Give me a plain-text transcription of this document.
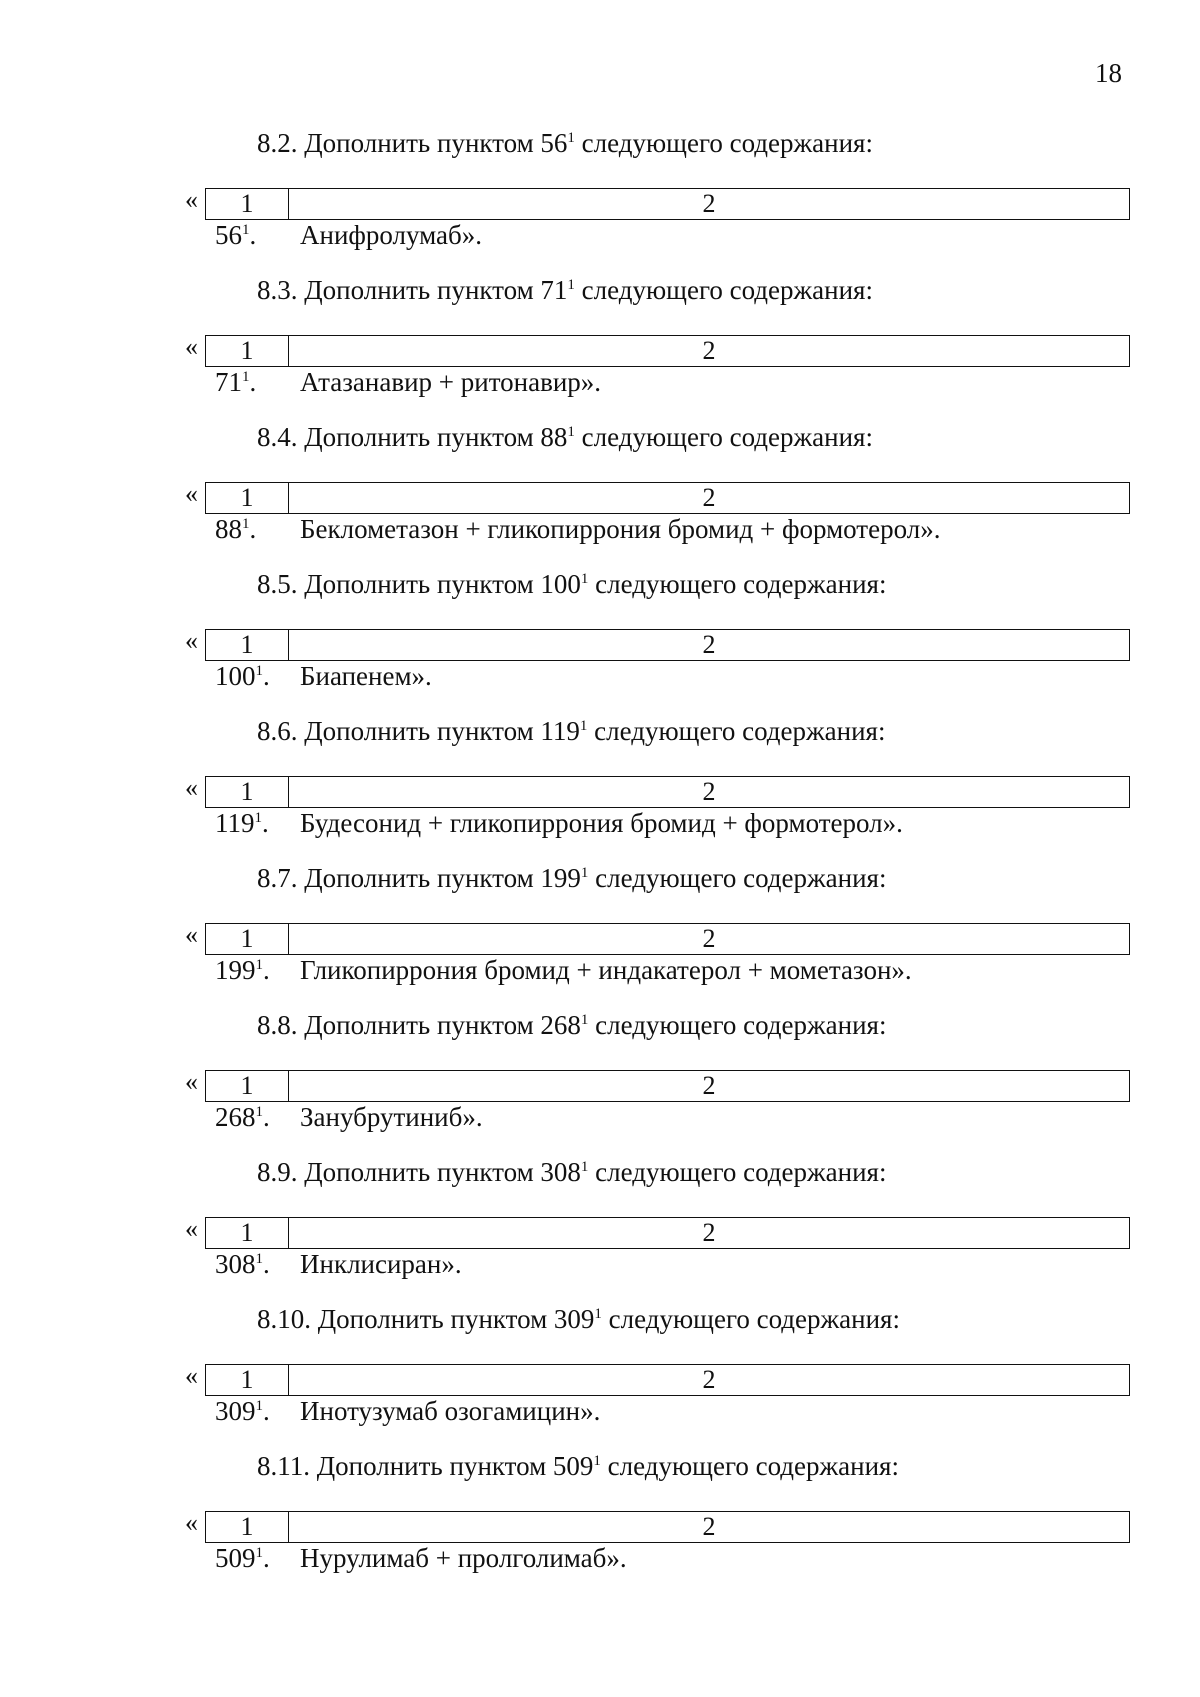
18
8.2. Дополнить пунктом $56^1$ следующего содержания:
«	1	2
$56^1$. Анифролумаб».
8.3. Дополнить пунктом $71^1$ следующего содержания:
«	1	2
$71^1$. Атазанавир + ритонавир».
8.4. Дополнить пунктом $88^1$ следующего содержания:
«	1	2
$88^1$. Беклометазон + гликопиррония бромид + формотерол».
8.5. Дополнить пунктом $100^1$ следующего содержания:
«	1	2
$100^1$. Биапенем».
8.6. Дополнить пунктом $119^1$ следующего содержания:
«	1	2
$119^1$. Будесонид + гликопиррония бромид + формотерол».
8.7. Дополнить пунктом $199^1$ следующего содержания:
«	1	2
$199^1$. Гликопиррония бромид + индакатерол + мометазон».
8.8. Дополнить пунктом $268^1$ следующего содержания:
«	1	2
$268^1$. Занубрутиниб».
8.9. Дополнить пунктом $308^1$ следующего содержания:
«	1	2
$308^1$. Инклисиран».
8.10. Дополнить пунктом $309^1$ следующего содержания:
«	1	2
$309^1$. Инотузумаб озогамицин».
8.11. Дополнить пунктом $509^1$ следующего содержания:
«	1	2
$509^1$. Нурулимаб + пролголимаб».
